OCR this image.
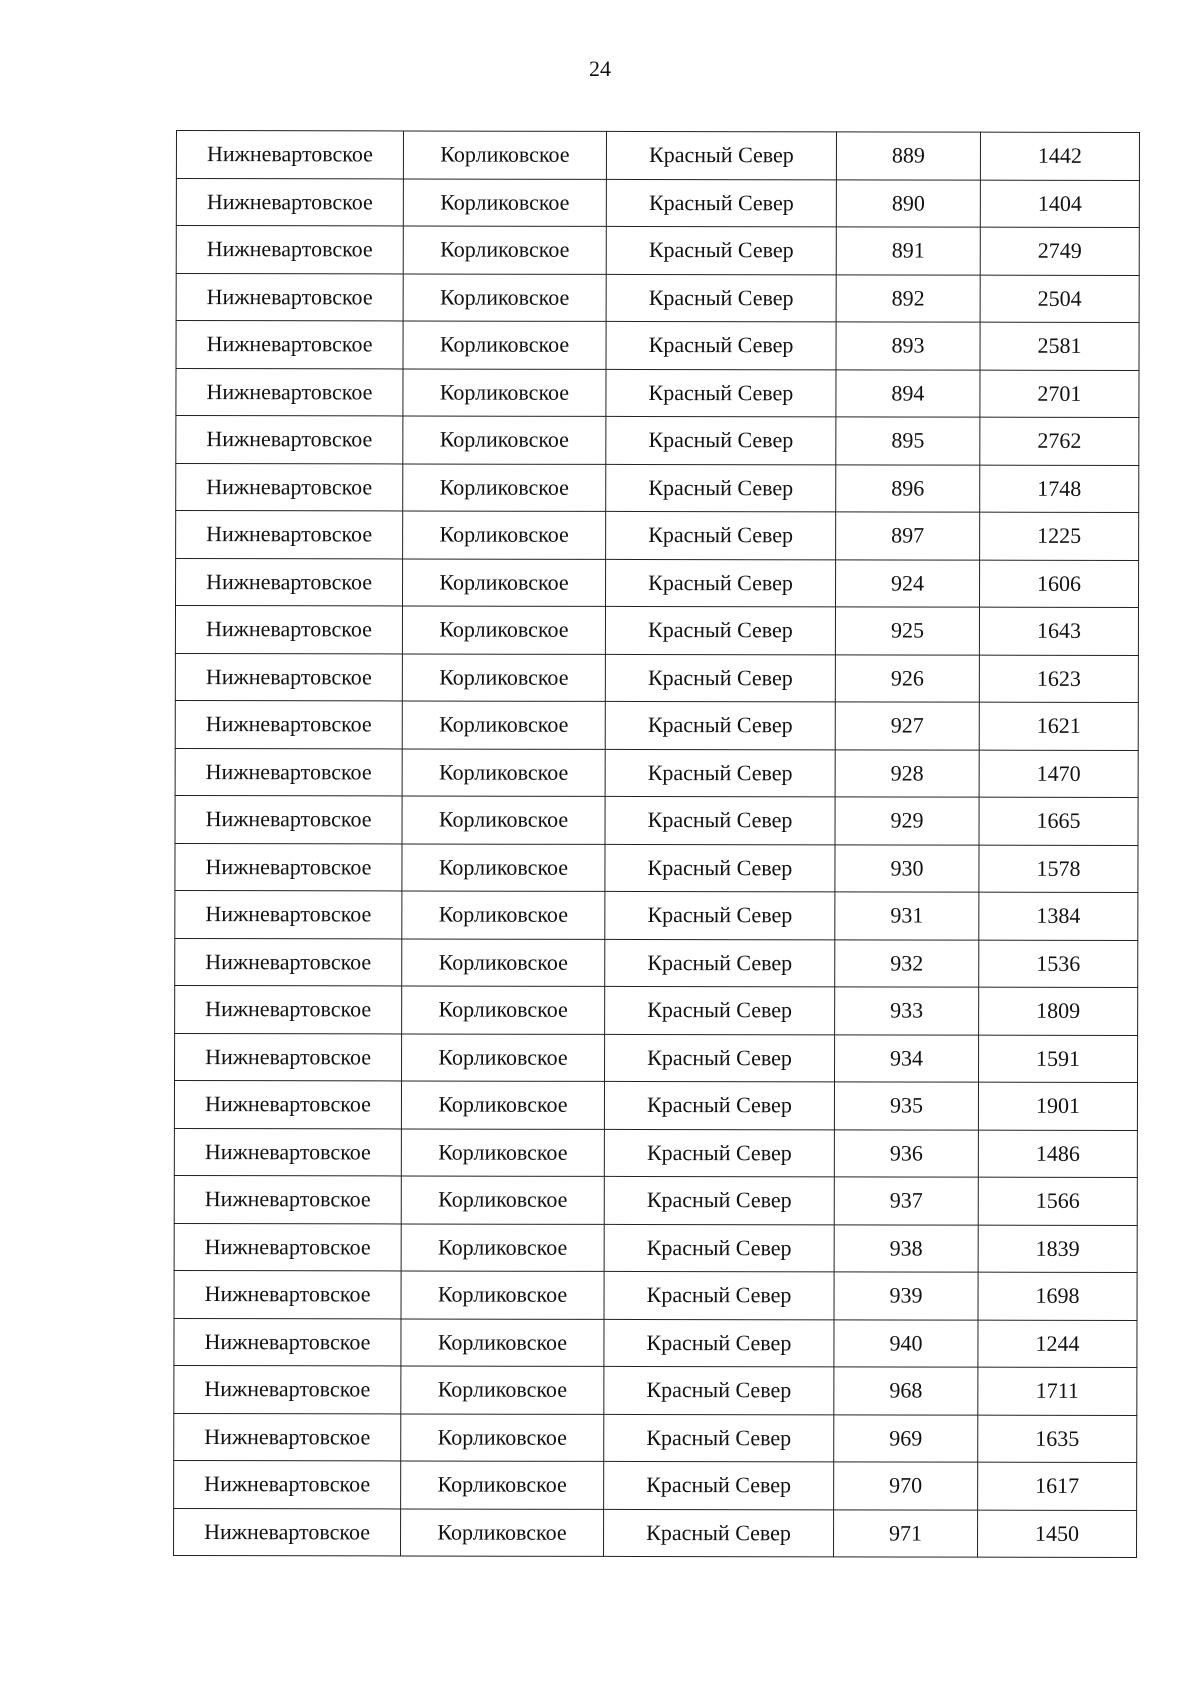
24
Нижневартовское	Корликовское	Красный Север	889	1442
Нижневартовское	Корликовское	Красный Север	890	1404
Нижневартовское	Корликовское	Красный Север	891	2749
Нижневартовское	Корликовское	Красный Север	892	2504
Нижневартовское	Корликовское	Красный Север	893	2581
Нижневартовское	Корликовское	Красный Север	894	2701
Нижневартовское	Корликовское	Красный Север	895	2762
Нижневартовское	Корликовское	Красный Север	896	1748
Нижневартовское	Корликовское	Красный Север	897	1225
Нижневартовское	Корликовское	Красный Север	924	1606
Нижневартовское	Корликовское	Красный Север	925	1643
Нижневартовское	Корликовское	Красный Север	926	1623
Нижневартовское	Корликовское	Красный Север	927	1621
Нижневартовское	Корликовское	Красный Север	928	1470
Нижневартовское	Корликовское	Красный Север	929	1665
Нижневартовское	Корликовское	Красный Север	930	1578
Нижневартовское	Корликовское	Красный Север	931	1384
Нижневартовское	Корликовское	Красный Север	932	1536
Нижневартовское	Корликовское	Красный Север	933	1809
Нижневартовское	Корликовское	Красный Север	934	1591
Нижневартовское	Корликовское	Красный Север	935	1901
Нижневартовское	Корликовское	Красный Север	936	1486
Нижневартовское	Корликовское	Красный Север	937	1566
Нижневартовское	Корликовское	Красный Север	938	1839
Нижневартовское	Корликовское	Красный Север	939	1698
Нижневартовское	Корликовское	Красный Север	940	1244
Нижневартовское	Корликовское	Красный Север	968	1711
Нижневартовское	Корликовское	Красный Север	969	1635
Нижневартовское	Корликовское	Красный Север	970	1617
Нижневартовское	Корликовское	Красный Север	971	1450
